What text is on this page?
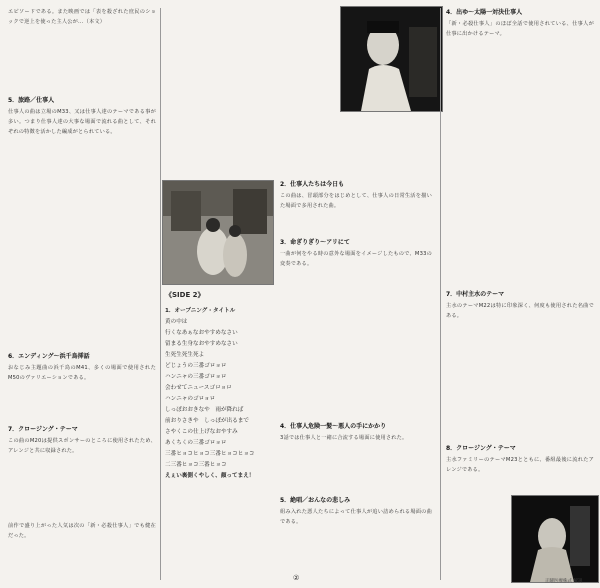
エピソードである。また映画では「表を殺ざれた庶民のショックで逆上を使った主人公が...（本文）
5．旅路／仕事人
仕事人の曲は立場のM33、又は仕事人達のテーマである事が多い。つまり仕事人達の大事な場面で流れる曲として、それぞれの特徴を活かした編成がとられている。
6．エンディング～浜千鳥挿話
おなじみ主題曲の浜千鳥のM41、多くの場面で使用されたM50のヴァリエーションである。
7．クロージング・テーマ
この曲のM20は提供スポンサーのところに使用されたため、アレンジと共に収録された。
前作で盛り上がった人気は次の「新・必殺仕事人」でも健在だった。
《SIDE 2》
1．オープニング・タイトル
黄の中は
行くなあぁなおやすめなさい
留まる生身なおやすめなさい
生死生死生死よ
どじょうの三番ゴロョロ
ハンニャの三番ゴロョロ
会わせてニュースゴロョロ
ハンニャのゴロョロ
しっぽおおきなや　雨が降れば
前おりさきや　しっぽが出るまで
さやくこの仕上げなおやすみ
あくちくの三番ゴロョロ
三番ヒョコヒョコ三番ヒョコヒョコ
二三番ヒョコ三番ヒョコ
えぇい裏側くやしく、顔ってまえ！
2．仕事人たちは今日も
この曲は、冒頭部分をはじめとして、仕事人の日常生活を描いた場面で多用された曲。
3．命ぎりぎり～アリにて
一曲が何をやる時の意外な場面をイメージしたもので、M33の変奏である。
4．仕事人危険一髪～悪人の手にかかり
3話では仕事人と一緒に合流する場面に使用された。
5．絶唱／おんなの悲しみ
組み入れた悪人たちによって仕事人が追い詰められる場面の曲である。
4．出ゆ～太陽一対決仕事人
「新・必殺仕事人」のほぼ全話で使用されている、仕事人が仕事に出かけるテーマ。
7．中村主水のテーマ
主水のテーマM22は特に印象深く、何度も使用された名曲である。
8．クロージング・テーマ
主水ファミリーのテーマM23とともに、番組最後に流れたアレンジである。
②	正曜医療株式 解説
